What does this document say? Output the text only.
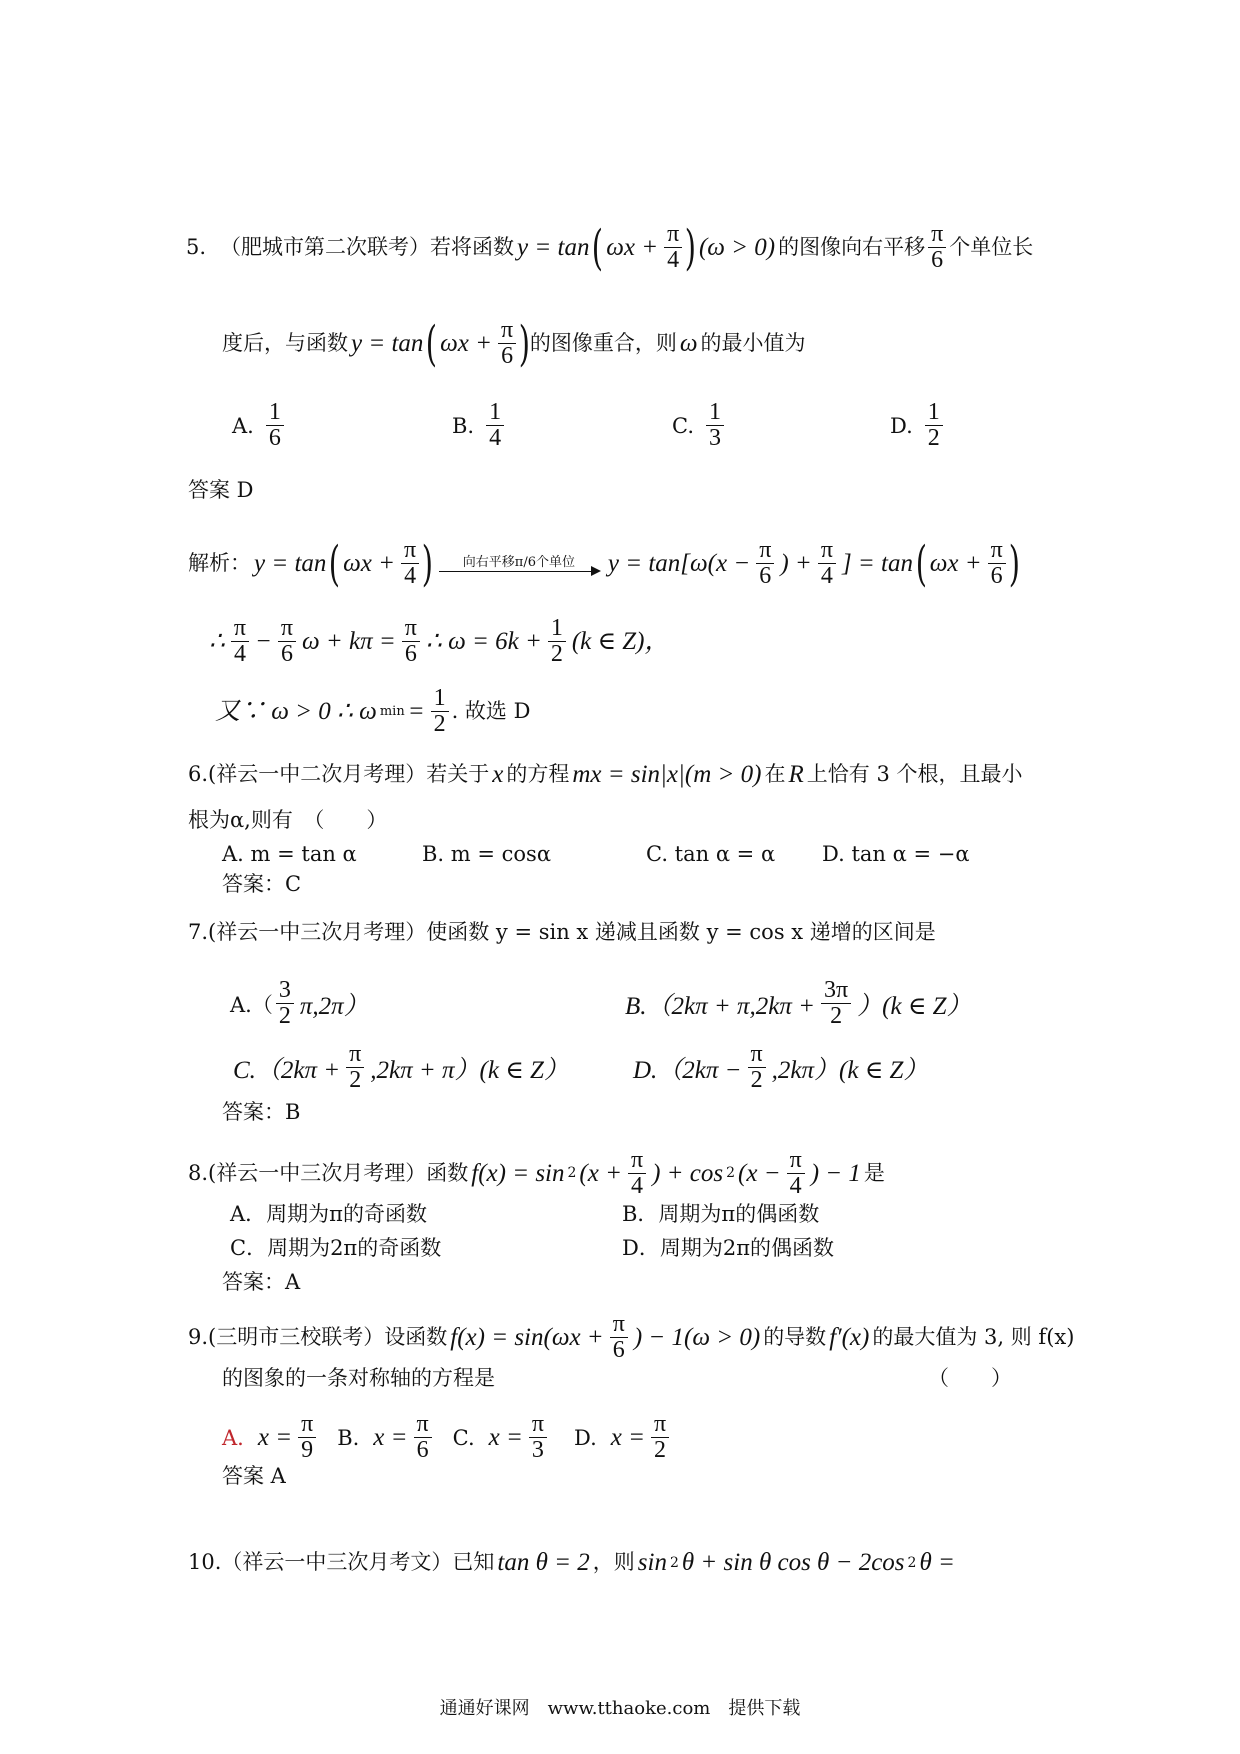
5. （肥城市第二次联考）若将函数 y = tan ( $\omega x + \frac{\pi}{4}$ ) (ω > 0) 的图像向右平移 $\frac{\pi}{6}$ 个单位长
度后，与函数 y = tan ( $\omega x + \frac{\pi}{6}$ ) 的图像重合，则 ω 的最小值为
A. $\frac{1}{6}$	B. $\frac{1}{4}$	C. $\frac{1}{3}$	D. $\frac{1}{2}$
答案 D
解析： y = tan ( $\omega x + \frac{\pi}{4}$ ) 向右平移π/6个单位 $y = \tan[\omega(x - \frac{\pi}{6}$ ) + $\frac{\pi}{4}$ ] = tan ( $\omega x + \frac{\pi}{6}$ )
∴ $\frac{\pi}{4} - \frac{\pi}{6}$ $\omega + k\pi = \frac{\pi}{6}$ ∴ $\omega = 6k + \frac{1}{2} (k$ ∈ Z)，
又∵ ω > 0 ∴ ω $\min = \frac{1}{2}$ . 故选 D
6. (祥云一中二次月考理）若关于 x 的方程 mx = sin|x|(m > 0) 在 R 上恰有 3 个根，且最小
根为α,则有　（　　）
A. m = tan α	B. m = cosα	C. tan α = α D. tan α = −α
答案：C
7. (祥云一中三次月考理）使函数 y = sin x 递减且函数 y = cos x 递增的区间是
$A.( \frac{3}{2} \pi,2\pi)$	$B.(2k\pi + \pi,2k\pi + \frac{3\pi}{2} )(k$ ∈ Z）
$C.(2k\pi + \frac{\pi}{2} ,2k\pi + \pi)(k$ ∈ Z）	$D.(2k\pi - \frac{\pi}{2} ,2k\pi)(k$ ∈ Z）
答案：B
8. (祥云一中三次月考理）函数 f(x) = sin 2 ($x + \frac{\pi}{4}$ ) + cos 2 ($x - \frac{\pi}{4}$ ) − 1 是
A．周期为π的奇函数	B．周期为π的偶函数
C．周期为2π的奇函数	D．周期为2π的偶函数
答案：A
9. (三明市三校联考）设函数 $f(x) = \sin(\omega x + \frac{\pi}{6}$ ) − 1(ω > 0) 的导数 f′(x) 的最大值为 3, 则 f(x)
的图象的一条对称轴的方程是	（　　）
A. $x = \frac{\pi}{9} B$. $x = \frac{\pi}{6} C$. $x = \frac{\pi}{3} D$. $x = \frac{\pi}{2}$
答案 A
10. （祥云一中三次月考文）已知 tan θ = 2 ，则 sin 2 θ + sin θ cos θ − 2cos 2 θ =
通通好课网　www.tthaoke.com　提供下载
